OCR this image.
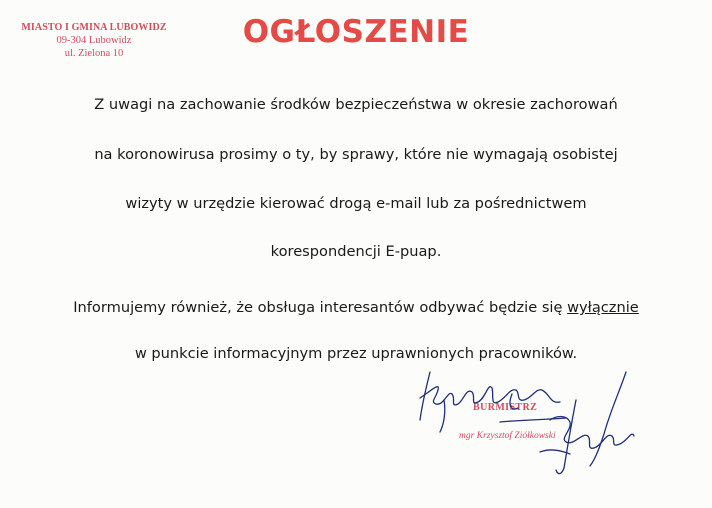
MIASTO I GMINA LUBOWIDZ
09-304 Lubowidz
ul. Zielona 10
OGŁOSZENIE
Z uwagi na zachowanie środków bezpieczeństwa w okresie zachorowań
na koronowirusa prosimy o ty, by sprawy, które nie wymagają osobistej
wizyty w urzędzie kierować drogą e-mail lub za pośrednictwem
korespondencji E-puap.
Informujemy również, że obsługa interesantów odbywać będzie się wyłącznie
w punkcie informacyjnym przez uprawnionych pracowników.
BURMISTRZ
mgr Krzysztof Ziółkowski
